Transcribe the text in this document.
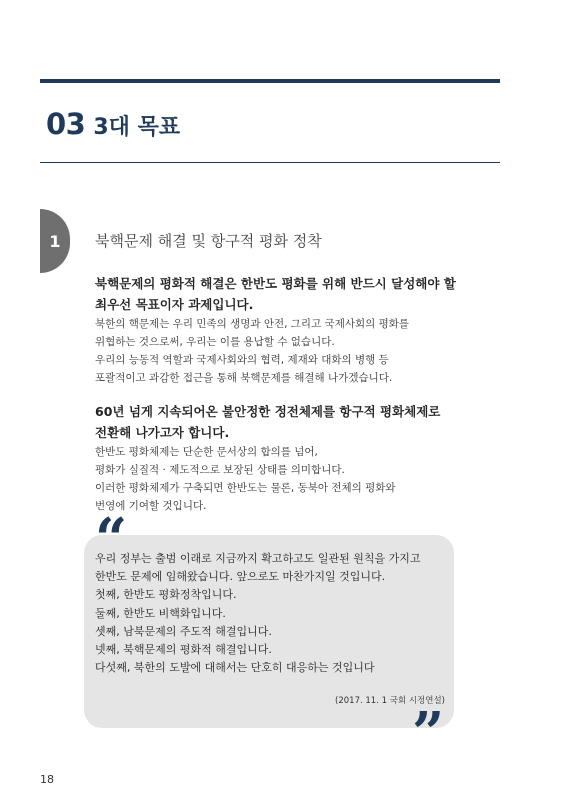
03 3대 목표
1	북핵문제 해결 및 항구적 평화 정착

북핵문제의 평화적 해결은 한반도 평화를 위해 반드시 달성해야 할

최우선 목표이자 과제입니다.

북한의 핵문제는 우리 민족의 생명과 안전, 그리고 국제사회의 평화를

위협하는 것으로써, 우리는 이를 용납할 수 없습니다.

우리의 능동적 역할과 국제사회와의 협력, 제재와 대화의 병행 등

포괄적이고 과감한 접근을 통해 북핵문제를 해결해 나가겠습니다.

60년 넘게 지속되어온 불안정한 정전체제를 항구적 평화체제로

전환해 나가고자 합니다.

한반도 평화체제는 단순한 문서상의 합의를 넘어,

평화가 실질적 · 제도적으로 보장된 상태를 의미합니다.

이러한 평화체제가 구축되면 한반도는 물론, 동북아 전체의 평화와

번영에 기여할 것입니다.

“

우리 정부는 출범 이래로 지금까지 확고하고도 일관된 원칙을 가지고

한반도 문제에 임해왔습니다. 앞으로도 마찬가지일 것입니다.

첫째, 한반도 평화정착입니다.

둘째, 한반도 비핵화입니다.

셋째, 남북문제의 주도적 해결입니다.

넷째, 북핵문제의 평화적 해결입니다.

다섯째, 북한의 도발에 대해서는 단호히 대응하는 것입니다

(2017. 11. 1 국회 시정연설)
”
18
